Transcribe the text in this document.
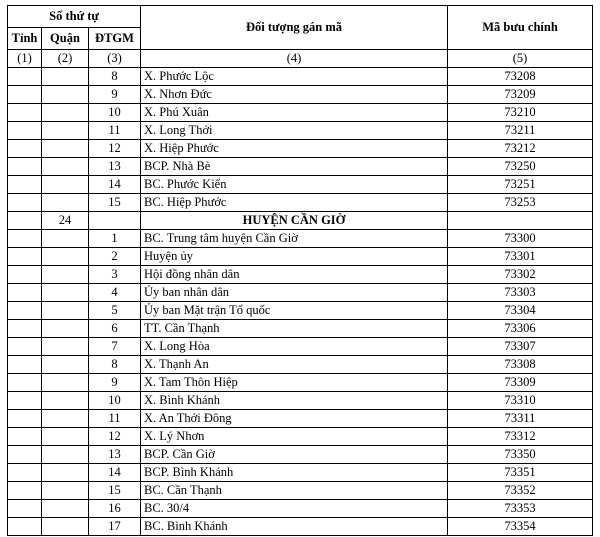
Số thứ tự			Đối tượng gán mã	Mã bưu chính
Tỉnh	Quận	ĐTGM		
(1)	(2)	(3)	(4)	(5)
		8	X. Phước Lộc	73208
		9	X. Nhơn Đức	73209
		10	X. Phú Xuân	73210
		11	X. Long Thới	73211
		12	X. Hiệp Phước	73212
		13	BCP. Nhà Bè	73250
		14	BC. Phước Kiển	73251
		15	BC. Hiệp Phước	73253
	24		HUYỆN CẦN GIỜ	
		1	BC. Trung tâm huyện Cần Giờ	73300
		2	Huyện ủy	73301
		3	Hội đồng nhân dân	73302
		4	Ủy ban nhân dân	73303
		5	Ủy ban Mặt trận Tổ quốc	73304
		6	TT. Cần Thạnh	73306
		7	X. Long Hòa	73307
		8	X. Thạnh An	73308
		9	X. Tam Thôn Hiệp	73309
		10	X. Bình Khánh	73310
		11	X. An Thới Đông	73311
		12	X. Lý Nhơn	73312
		13	BCP. Cần Giờ	73350
		14	BCP. Bình Khánh	73351
		15	BC. Cần Thạnh	73352
		16	BC. 30/4	73353
		17	BC. Bình Khánh	73354
